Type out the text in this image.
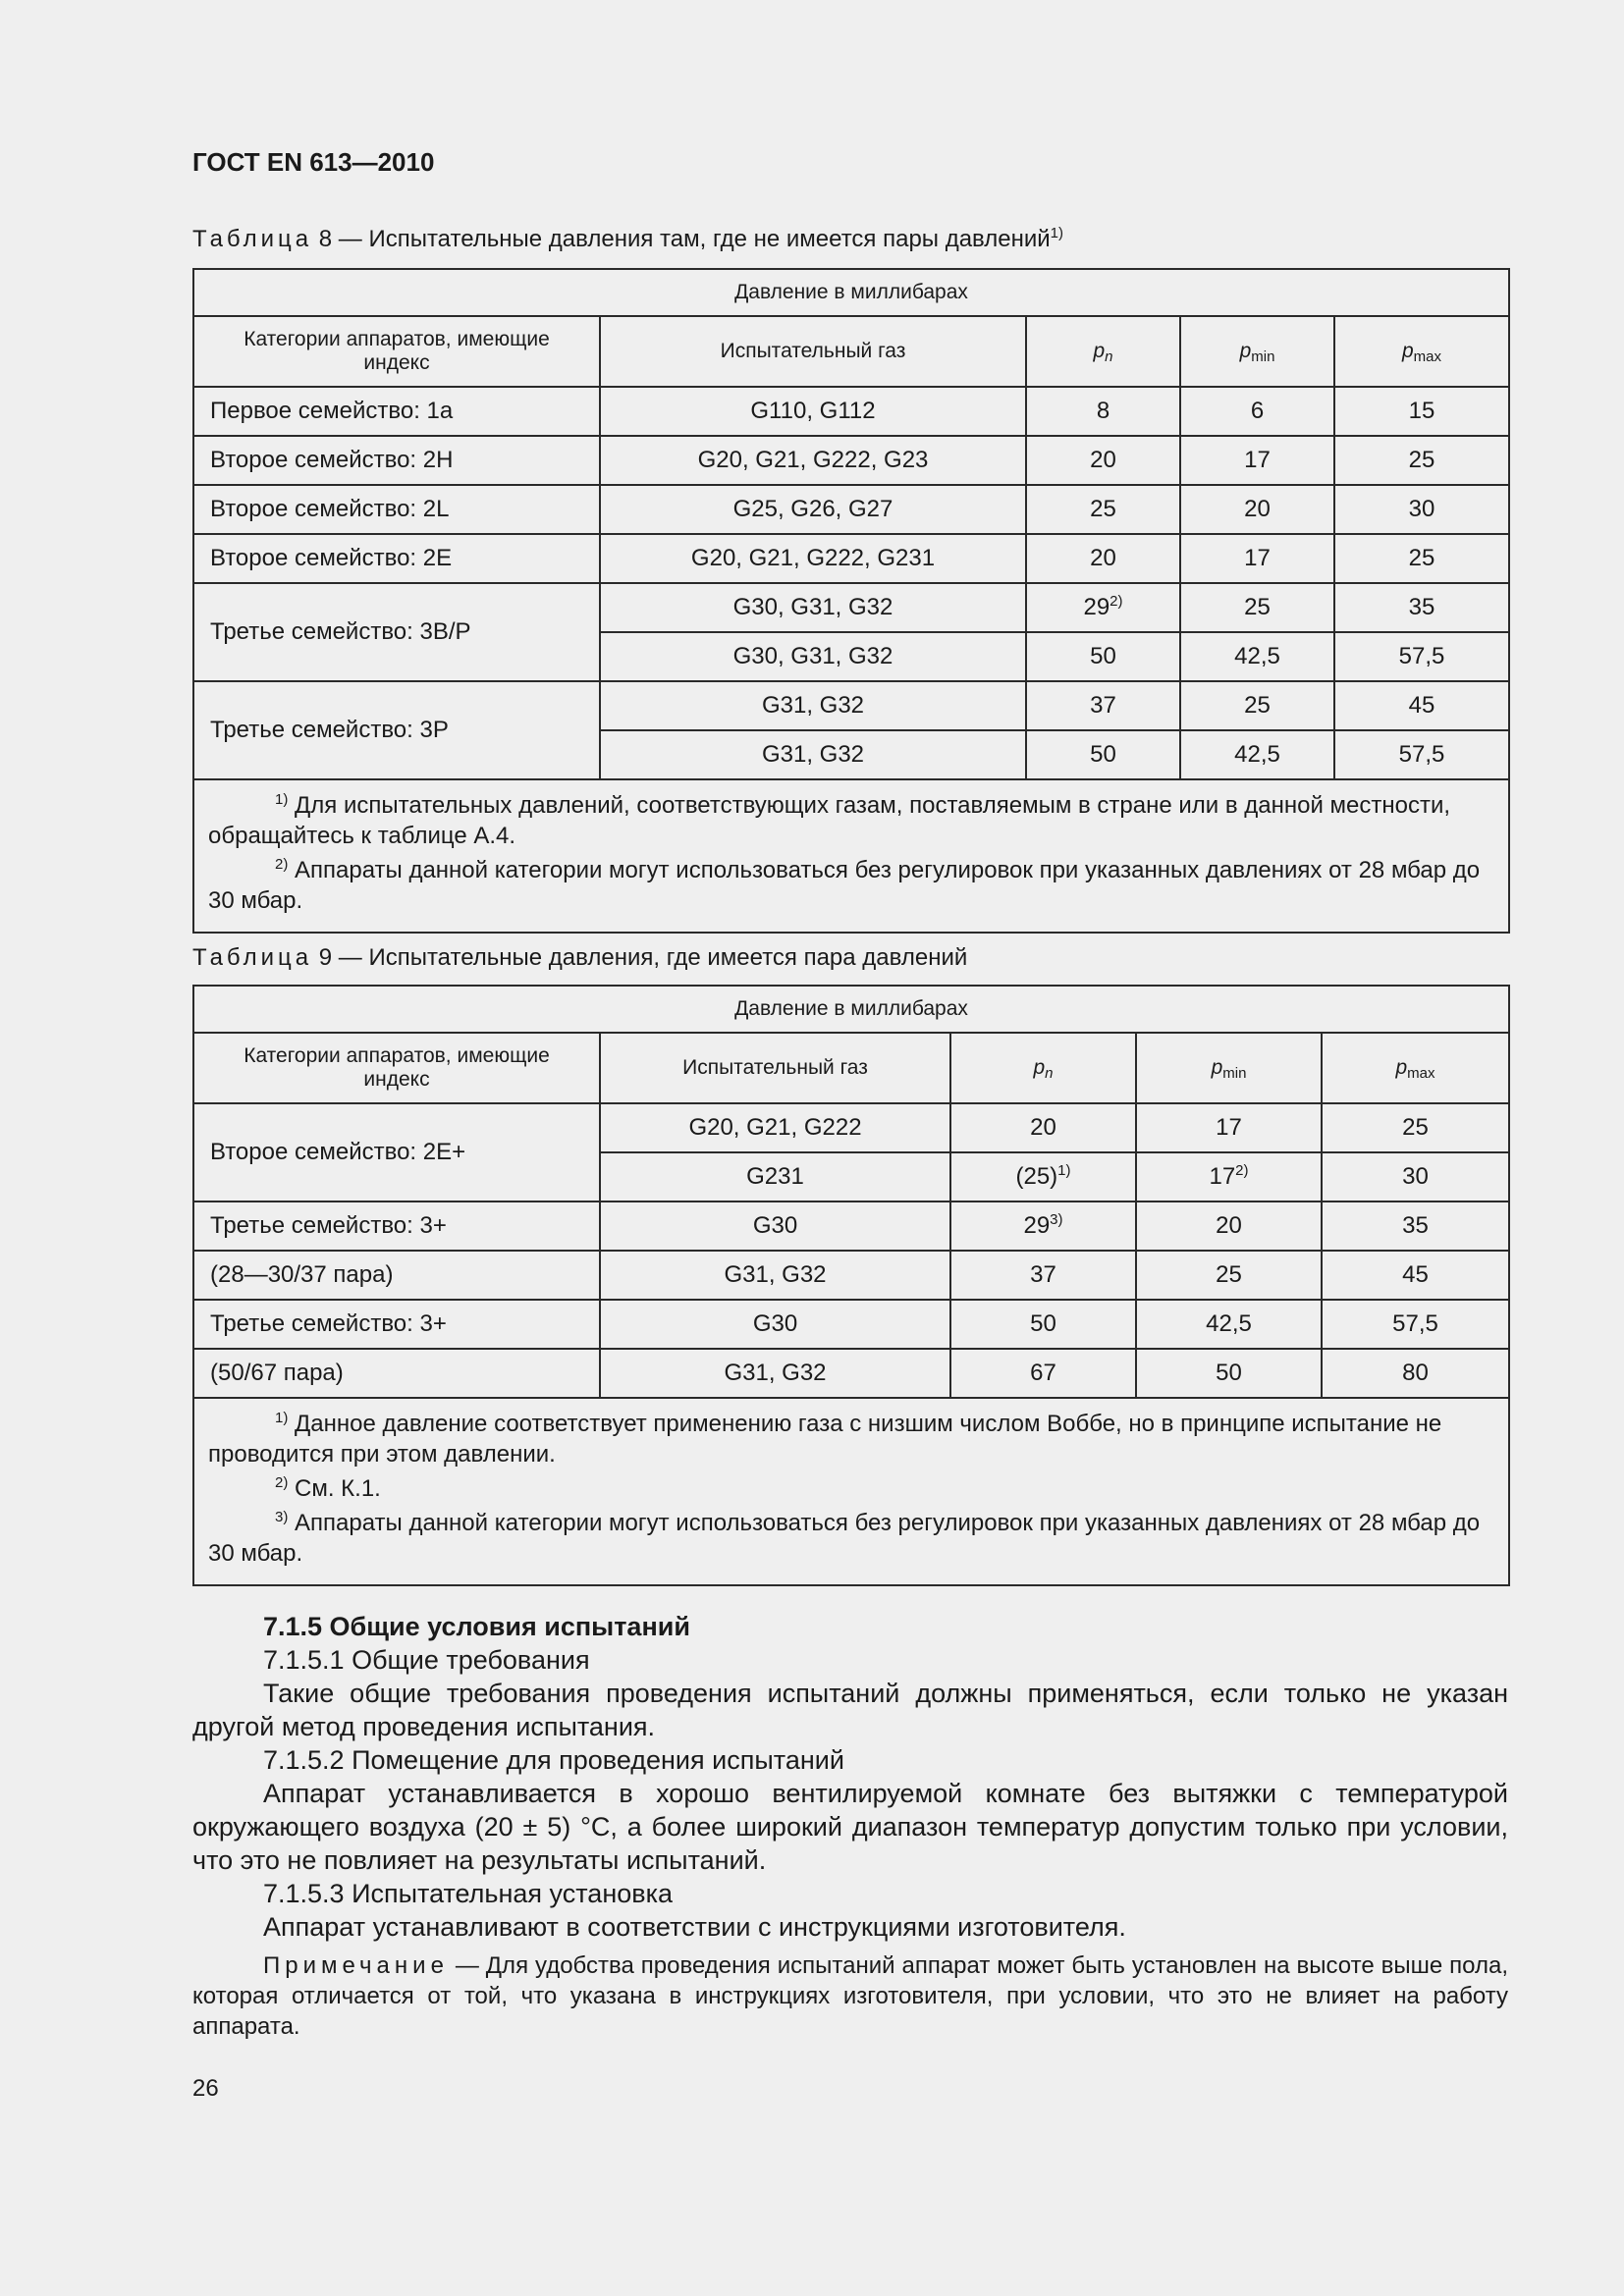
ГОСТ EN 613—2010
Таблица 8 — Испытательные давления там, где не имеется пары давлений$^{1)}$
Давление в миллибарах				
Категории аппаратов, имеющие индекс	Испытательный газ	$p_n$	$p_{min}$	$p_{max}$
Первое семейство: 1a	G110, G112	8	6	15
Второе семейство: 2H	G20, G21, G222, G23	20	17	25
Второе семейство: 2L	G25, G26, G27	25	20	30
Второе семейство: 2E	G20, G21, G222, G231	20	17	25
Третье семейство: 3B/P	G30, G31, G32	29$^{2)}$	25	35
	G30, G31, G32	50	42,5	57,5
Третье семейство: 3P	G31, G32	37	25	45
	G31, G32	50	42,5	57,5

$^{1)}$ Для испытательных давлений, соответствующих газам, поставляемым в стране или в данной местности, обращайтесь к таблице А.4.

$^{2)}$ Аппараты данной категории могут использоваться без регулировок при указанных давлениях от 28 мбар до 30 мбар.				

Таблица 9 — Испытательные давления, где имеется пара давлений
Давление в миллибарах				
Категории аппаратов, имеющие индекс	Испытательный газ	$p_n$	$p_{min}$	$p_{max}$
Второе семейство: 2E+	G20, G21, G222	20	17	25
	G231	$(25)^{1)}$	17$^{2)}$	30
Третье семейство: 3+	G30	29$^{3)}$	20	35
(28—30/37 пара)	G31, G32	37	25	45
Третье семейство: 3+	G30	50	42,5	57,5
(50/67 пара)	G31, G32	67	50	80

$^{1)}$ Данное давление соответствует применению газа с низшим числом Воббе, но в принципе испытание не проводится при этом давлении.

$^{2)}$ См. К.1.

$^{3)}$ Аппараты данной категории могут использоваться без регулировок при указанных давлениях от 28 мбар до 30 мбар.				

7.1.5 Общие условия испытаний

7.1.5.1 Общие требования

Такие общие требования проведения испытаний должны применяться, если только не указан другой метод проведения испытания.

7.1.5.2 Помещение для проведения испытаний

Аппарат устанавливается в хорошо вентилируемой комнате без вытяжки с температурой окружающего воздуха (20 ± 5) °С, а более широкий диапазон температур допустим только при условии, что это не повлияет на результаты испытаний.

7.1.5.3 Испытательная установка

Аппарат устанавливают в соответствии с инструкциями изготовителя.

Примечание — Для удобства проведения испытаний аппарат может быть установлен на высоте выше пола, которая отличается от той, что указана в инструкциях изготовителя, при условии, что это не влияет на работу аппарата.

26
